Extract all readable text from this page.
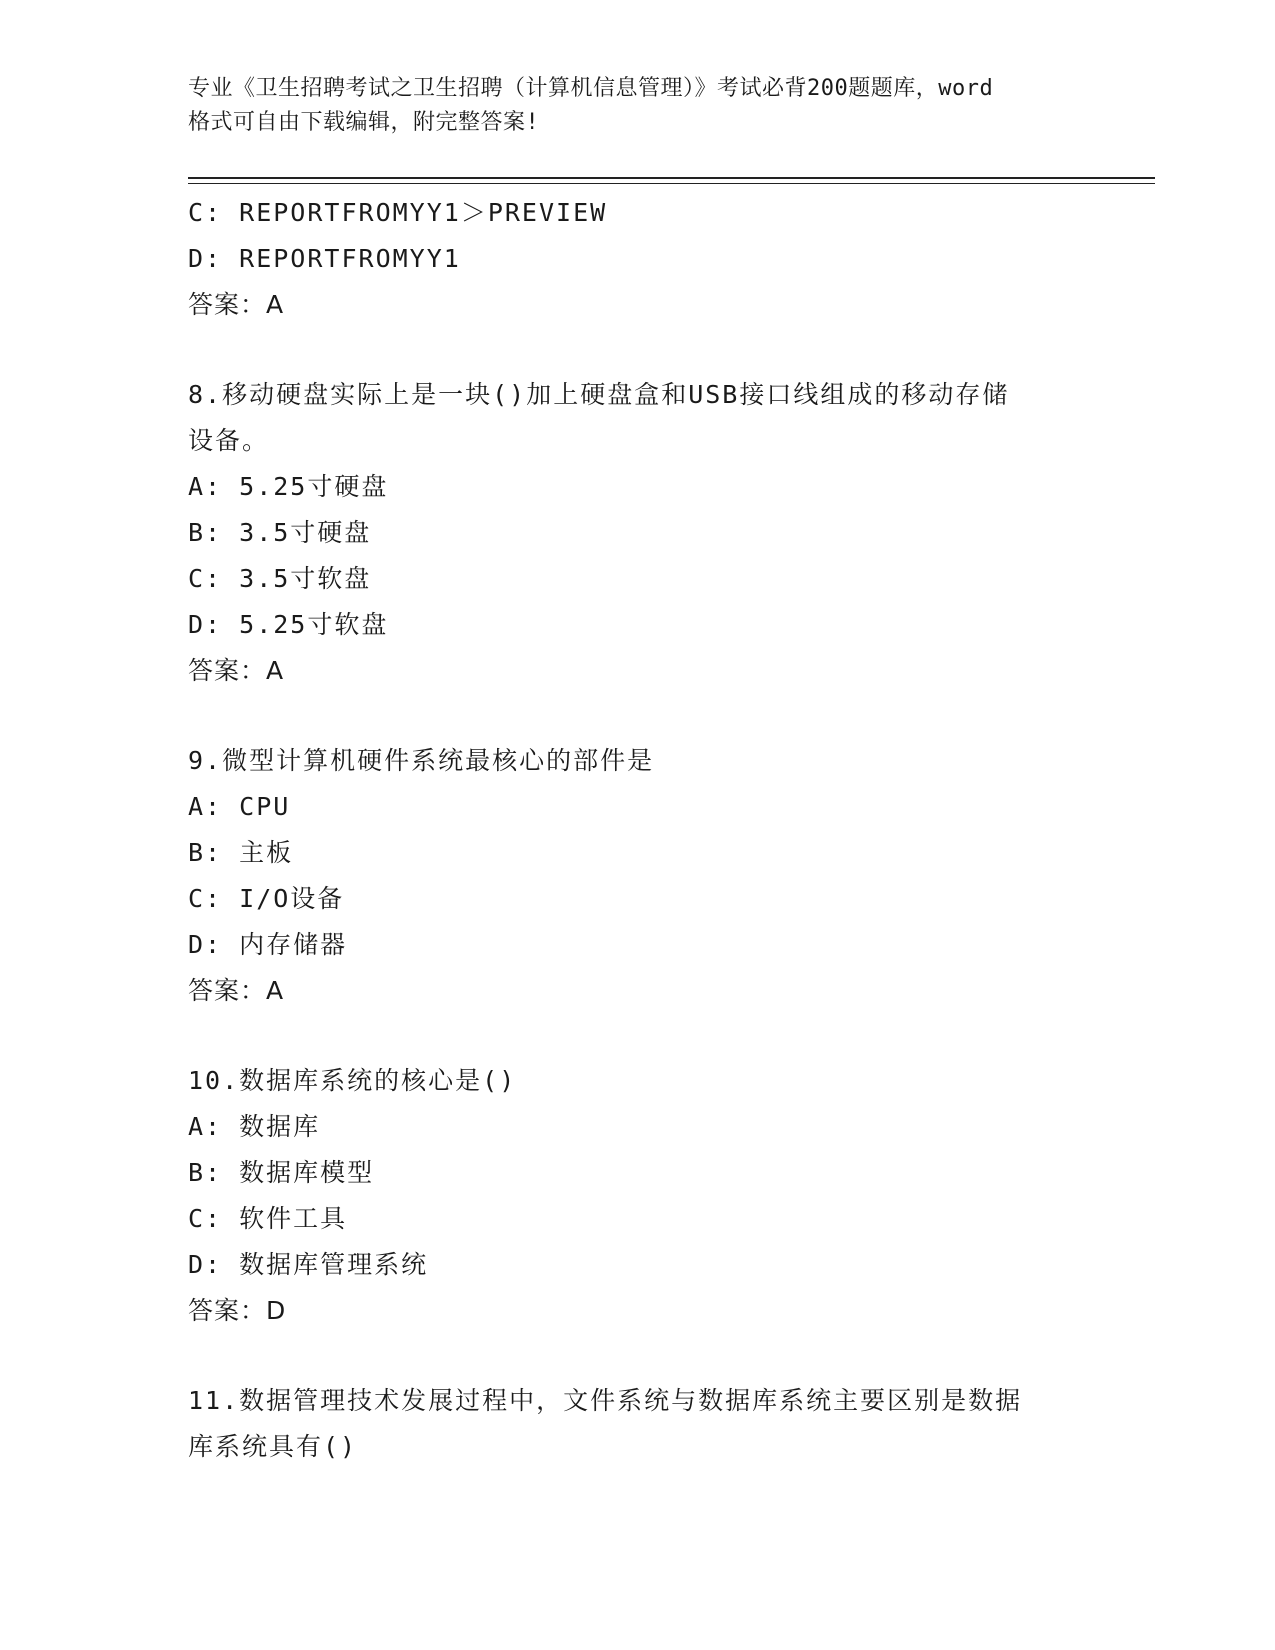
专业《卫生招聘考试之卫生招聘（计算机信息管理）》考试必背200题题库，word
格式可自由下载编辑，附完整答案!
C: REPORTFROMYY1＞PREVIEW
D: REPORTFROMYY1
答案：A
8.移动硬盘实际上是一块()加上硬盘盒和USB接口线组成的移动存储
设备。
A: 5.25寸硬盘
B: 3.5寸硬盘
C: 3.5寸软盘
D: 5.25寸软盘
答案：A
9.微型计算机硬件系统最核心的部件是
A: CPU
B: 主板
C: I/O设备
D: 内存储器
答案：A
10.数据库系统的核心是()
A: 数据库
B: 数据库模型
C: 软件工具
D: 数据库管理系统
答案：D
11.数据管理技术发展过程中，文件系统与数据库系统主要区别是数据
库系统具有()
